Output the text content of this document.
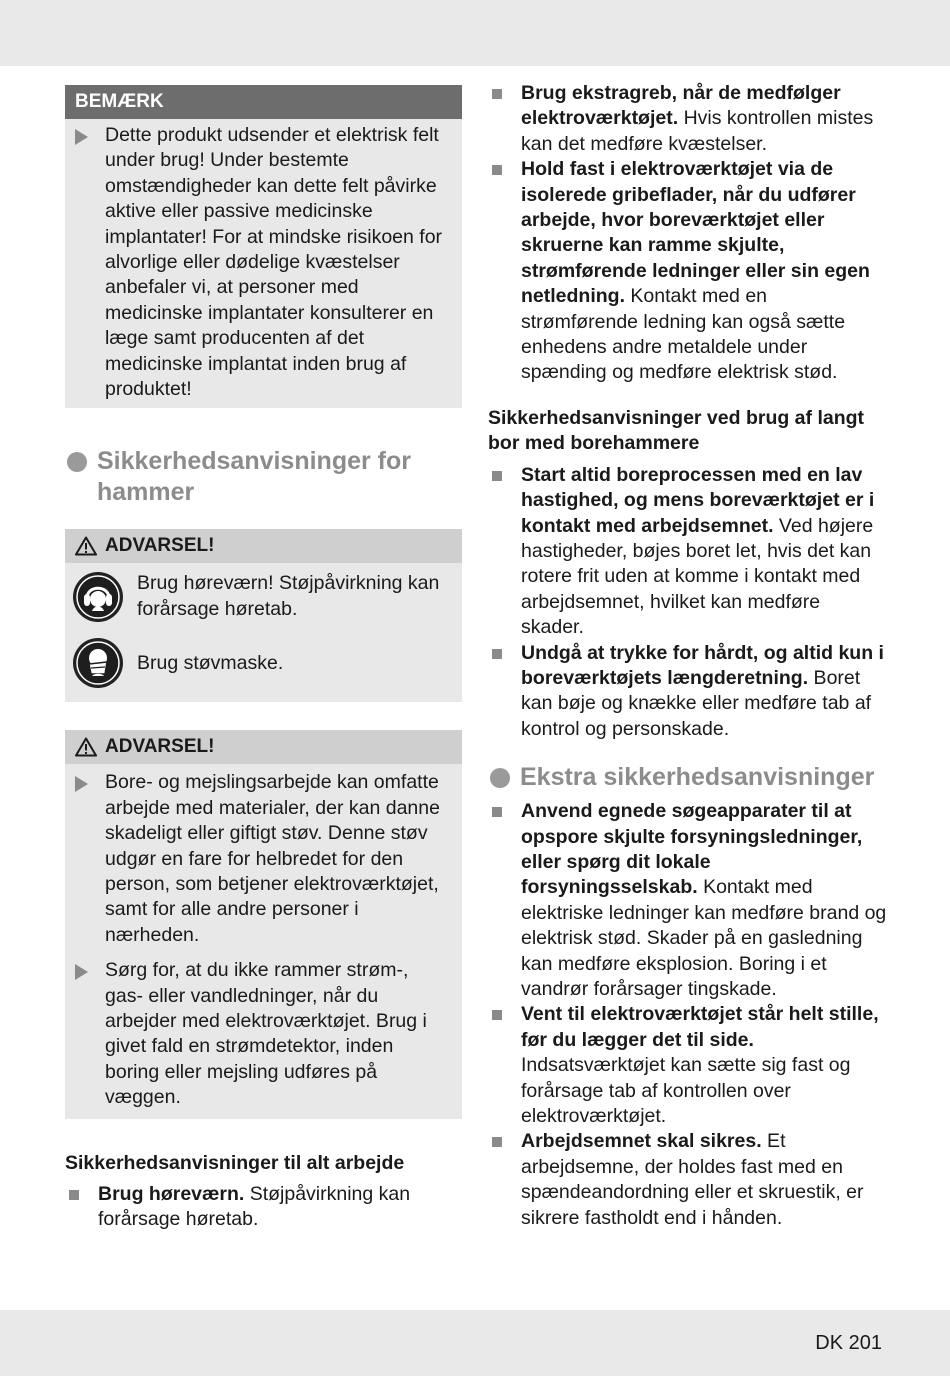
BEMÆRK
Dette produkt udsender et elektrisk felt under brug! Under bestemte omstændigheder kan dette felt påvirke aktive eller passive medicinske implantater! For at mindske risikoen for alvorlige eller dødelige kvæstelser anbefaler vi, at personer med medicinske implantater konsulterer en læge samt producenten af det medicinske implantat inden brug af produktet!
Sikkerhedsanvisninger for hammer
ADVARSEL!
Brug høreværn! Støjpåvirkning kan forårsage høretab.
Brug støvmaske.
ADVARSEL!
Bore- og mejslingsarbejde kan omfatte arbejde med materialer, der kan danne skadeligt eller giftigt støv. Denne støv udgør en fare for helbredet for den person, som betjener elektroværktøjet, samt for alle andre personer i nærheden.
Sørg for, at du ikke rammer strøm-, gas- eller vandledninger, når du arbejder med elektroværktøjet. Brug i givet fald en strømdetektor, inden boring eller mejsling udføres på væggen.
Sikkerhedsanvisninger til alt arbejde
Brug høreværn. Støjpåvirkning kan forårsage høretab.
Brug ekstragreb, når de medfølger elektroværktøjet. Hvis kontrollen mistes kan det medføre kvæstelser.
Hold fast i elektroværktøjet via de isolerede gribeflader, når du udfører arbejde, hvor boreværktøjet eller skruerne kan ramme skjulte, strømførende ledninger eller sin egen netledning. Kontakt med en strømførende ledning kan også sætte enhedens andre metaldele under spænding og medføre elektrisk stød.
Sikkerhedsanvisninger ved brug af langt bor med borehammere
Start altid boreprocessen med en lav hastighed, og mens boreværktøjet er i kontakt med arbejdsemnet. Ved højere hastigheder, bøjes boret let, hvis det kan rotere frit uden at komme i kontakt med arbejdsemnet, hvilket kan medføre skader.
Undgå at trykke for hårdt, og altid kun i boreværktøjets længderetning. Boret kan bøje og knække eller medføre tab af kontrol og personskade.
Ekstra sikkerhedsanvisninger
Anvend egnede søgeapparater til at opspore skjulte forsyningsledninger, eller spørg dit lokale forsyningsselskab. Kontakt med elektriske ledninger kan medføre brand og elektrisk stød. Skader på en gasledning kan medføre eksplosion. Boring i et vandrør forårsager tingskade.
Vent til elektroværktøjet står helt stille, før du lægger det til side. Indsatsværktøjet kan sætte sig fast og forårsage tab af kontrollen over elektroværktøjet.
Arbejdsemnet skal sikres. Et arbejdsemne, der holdes fast med en spændeandordning eller et skruestik, er sikrere fastholdt end i hånden.
DK 201
